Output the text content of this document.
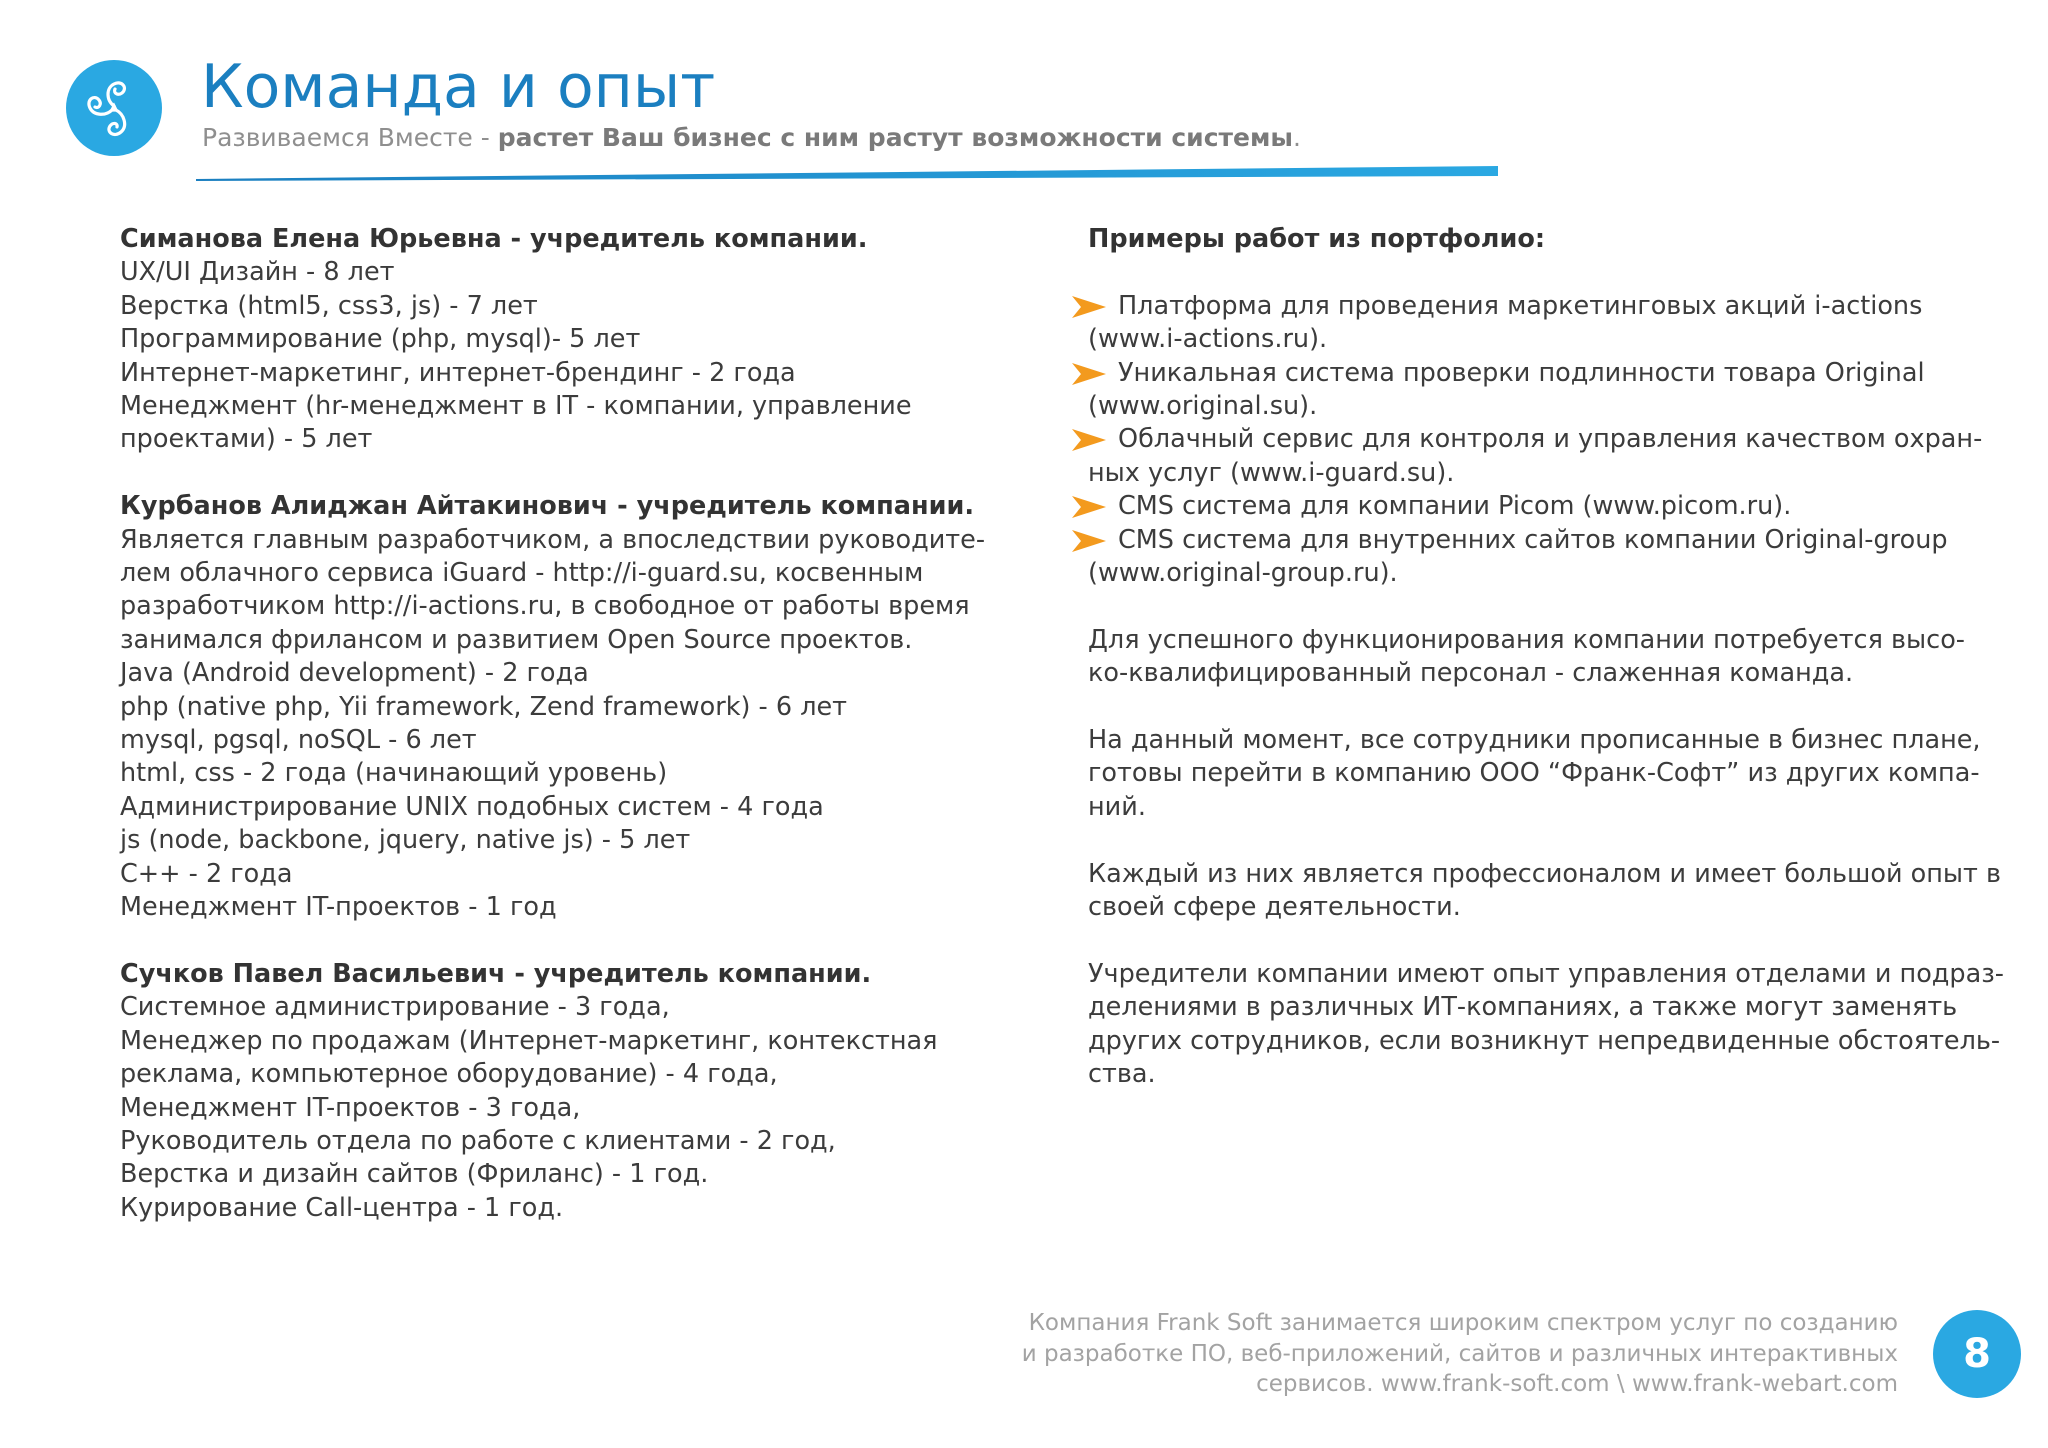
Команда и опыт
Развиваемся Вместе - растет Ваш бизнес с ним растут возможности системы.
Симанова Елена Юрьевна - учредитель компании.
UX/UI Дизайн - 8 лет
Верстка (html5, css3, js) - 7 лет
Программирование (php, mysql)- 5 лет
Интернет-маркетинг, интернет-брендинг - 2 года
Менеджмент (hr-менеджмент в IT - компании, управление
проектами) - 5 лет
Курбанов Алиджан Айтакинович - учредитель компании.
Является главным разработчиком, а впоследствии руководите-
лем облачного сервиса iGuard - http://i-guard.su, косвенным
разработчиком http://i-actions.ru, в свободное от работы время
занимался фрилансом и развитием Open Source проектов.
Java (Android development) - 2 года
php (native php, Yii framework, Zend framework) - 6 лет
mysql, pgsql, noSQL - 6 лет
html, css - 2 года (начинающий уровень)
Администрирование UNIX подобных систем - 4 года
js (node, backbone, jquery, native js) - 5 лет
С++ - 2 года
Менеджмент IT-проектов - 1 год
Сучков Павел Васильевич - учредитель компании.
Системное администрирование - 3 года,
Менеджер по продажам (Интернет-маркетинг, контекстная
реклама, компьютерное оборудование) - 4 года,
Менеджмент IT-проектов - 3 года,
Руководитель отдела по работе с клиентами - 2 год,
Верстка и дизайн сайтов (Фриланс) - 1 год.
Курирование Call-центра - 1 год.
Примеры работ из портфолио:
Платформа для проведения маркетинговых акций i-actions
(www.i-actions.ru).
Уникальная система проверки подлинности товара Original
(www.original.su).
Облачный сервис для контроля и управления качеством охран-
ных услуг (www.i-guard.su).
CMS система для компании Picom (www.picom.ru).
CMS система для внутренних сайтов компании Original-group
(www.original-group.ru).
Для успешного функционирования компании потребуется высо-
ко-квалифицированный персонал - слаженная команда.
На данный момент, все сотрудники прописанные в бизнес плане,
готовы перейти в компанию ООО “Франк-Софт” из других компа-
ний.
Каждый из них является профессионалом и имеет большой опыт в
своей сфере деятельности.
Учредители компании имеют опыт управления отделами и подраз-
делениями в различных ИТ-компаниях, а также могут заменять
других сотрудников, если возникнут непредвиденные обстоятель-
ства.
Компания Frank Soft занимается широким спектром услуг по созданию
и разработке ПО, веб-приложений, сайтов и различных интерактивных
сервисов. www.frank-soft.com \ www.frank-webart.com
8
